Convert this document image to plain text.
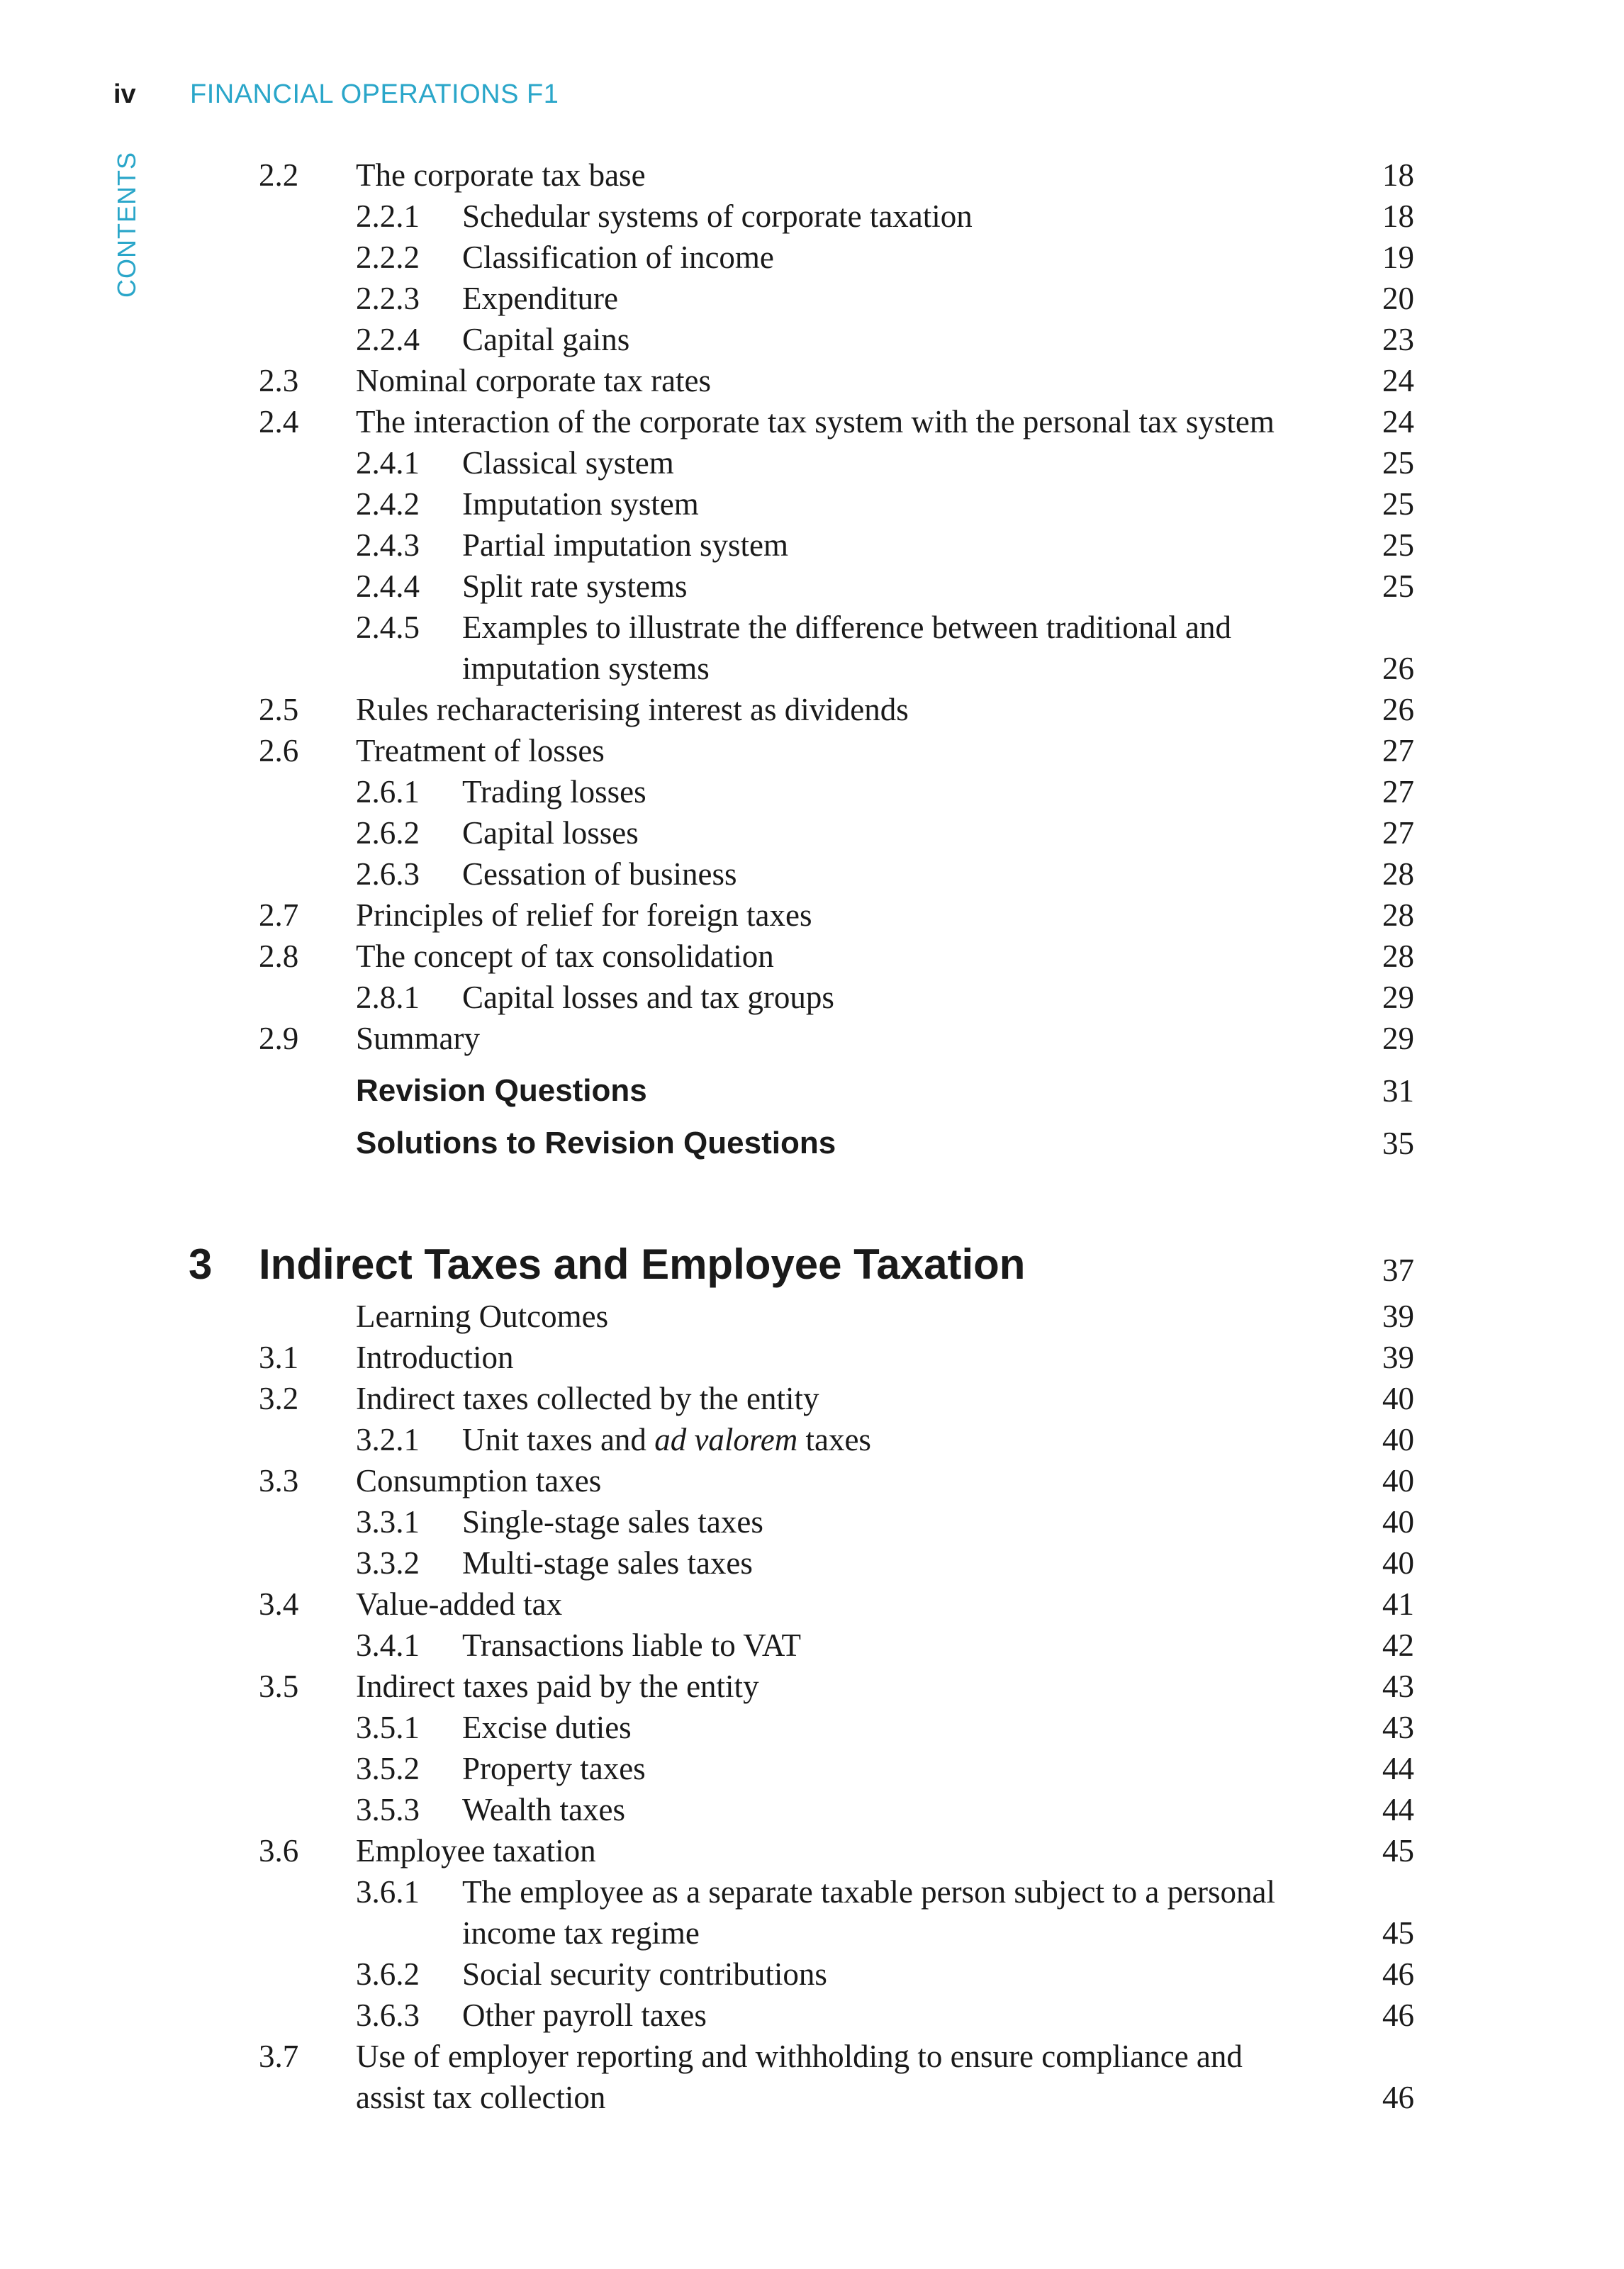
iv	FINANCIAL OPERATIONS F1
CONTENTS	2.2 The corporate tax base	18
2.2.1 Schedular systems of corporate taxation	18
2.2.2 Classification of income	19
2.2.3 Expenditure	20
2.2.4 Capital gains	23
2.3 Nominal corporate tax rates	24
2.4 The interaction of the corporate tax system with the personal tax system	24
2.4.1 Classical system	25
2.4.2 Imputation system	25
2.4.3 Partial imputation system	25
2.4.4 Split rate systems	25
2.4.5 Examples to illustrate the difference between traditional and
imputation systems	26
2.5 Rules recharacterising interest as dividends	26
2.6 Treatment of losses	27
2.6.1 Trading losses	27
2.6.2 Capital losses	27
2.6.3 Cessation of business	28
2.7 Principles of relief for foreign taxes	28
2.8 The concept of tax consolidation	28
2.8.1 Capital losses and tax groups	29
2.9 Summary	29
Revision Questions	31
Solutions to Revision Questions	35
3 Indirect Taxes and Employee Taxation	37
Learning Outcomes	39
3.1 Introduction	39
3.2 Indirect taxes collected by the entity	40
3.2.1 Unit taxes and ad valorem taxes	40
3.3 Consumption taxes	40
3.3.1 Single-stage sales taxes	40
3.3.2 Multi-stage sales taxes	40
3.4 Value-added tax	41
3.4.1 Transactions liable to VAT	42
3.5 Indirect taxes paid by the entity	43
3.5.1 Excise duties	43
3.5.2 Property taxes	44
3.5.3 Wealth taxes	44
3.6 Employee taxation	45
3.6.1 The employee as a separate taxable person subject to a personal
income tax regime	45
3.6.2 Social security contributions	46
3.6.3 Other payroll taxes	46
3.7 Use of employer reporting and withholding to ensure compliance and
assist tax collection	46
